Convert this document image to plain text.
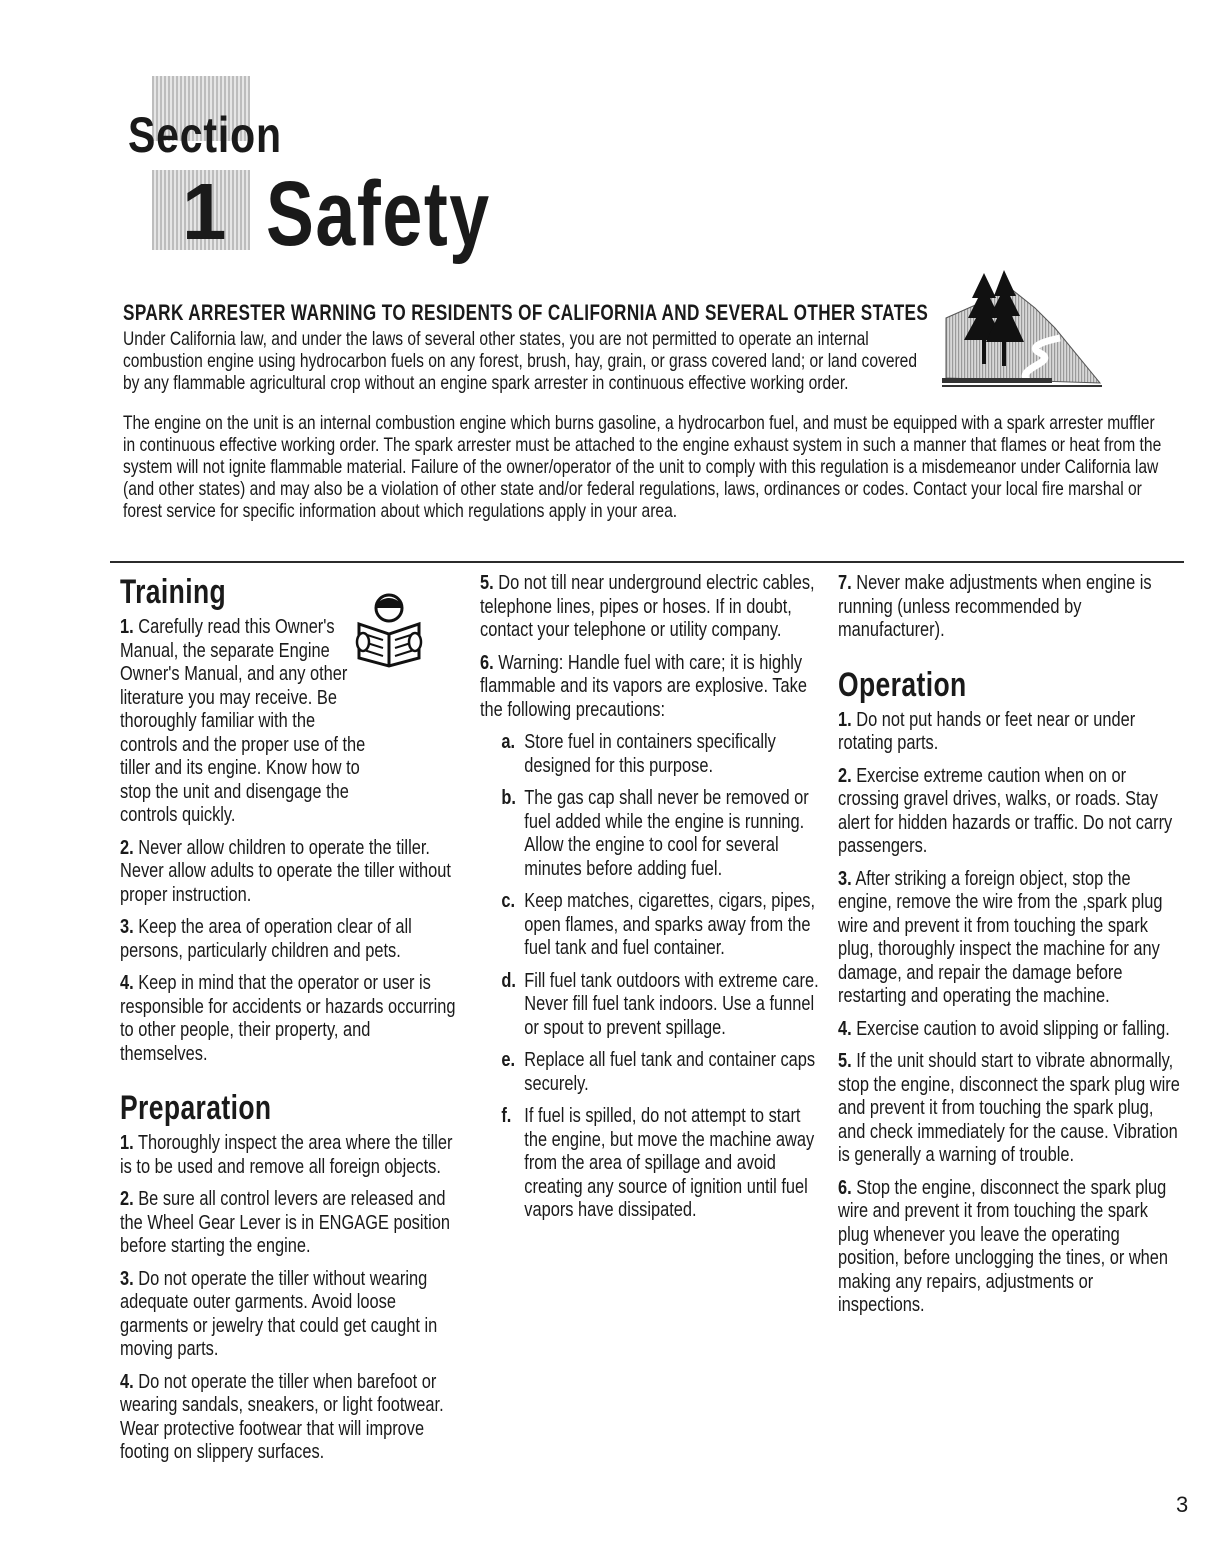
Section
1 Safety
SPARK ARRESTER WARNING TO RESIDENTS OF CALIFORNIA AND SEVERAL OTHER STATES

Under California law, and under the laws of several other states, you are not permitted to operate an internal combustion engine using hydrocarbon fuels on any forest, brush, hay, grain, or grass covered land; or land covered by any flammable agricultural crop without an engine spark arrester in continuous effective working order.

The engine on the unit is an internal combustion engine which burns gasoline, a hydrocarbon fuel, and must be equipped with a spark arrester muffler in continuous effective working order. The spark arrester must be attached to the engine exhaust system in such a manner that flames or heat from the system will not ignite flammable material. Failure of the owner/operator of the unit to comply with this regulation is a misdemeanor under California law (and other states) and may also be a violation of other state and/or federal regulations, laws, ordinances or codes. Contact your local fire marshal or forest service for specific information about which regulations apply in your area.

Training
1. Carefully read this Owner's Manual, the separate Engine Owner's Manual, and any other literature you may receive. Be thoroughly familiar with the controls and the proper use of the tiller and its engine. Know how to stop the unit and disengage the controls quickly.
2. Never allow children to operate the tiller. Never allow adults to operate the tiller without proper instruction.
3. Keep the area of operation clear of all persons, particularly children and pets.
4. Keep in mind that the operator or user is responsible for accidents or hazards occurring to other people, their property, and themselves.
Preparation
1. Thoroughly inspect the area where the tiller is to be used and remove all foreign objects.
2. Be sure all control levers are released and the Wheel Gear Lever is in ENGAGE position before starting the engine.
3. Do not operate the tiller without wearing adequate outer garments. Avoid loose garments or jewelry that could get caught in moving parts.
4. Do not operate the tiller when barefoot or wearing sandals, sneakers, or light footwear. Wear protective footwear that will improve footing on slippery surfaces.
5. Do not till near underground electric cables, telephone lines, pipes or hoses. If in doubt, contact your telephone or utility company.
6. Warning: Handle fuel with care; it is highly flammable and its vapors are explosive. Take the following precautions:
a. Store fuel in containers specifically designed for this purpose.
b. The gas cap shall never be removed or fuel added while the engine is running. Allow the engine to cool for several minutes before adding fuel.
c. Keep matches, cigarettes, cigars, pipes, open flames, and sparks away from the fuel tank and fuel container.
d. Fill fuel tank outdoors with extreme care. Never fill fuel tank indoors. Use a funnel or spout to prevent spillage.
e. Replace all fuel tank and container caps securely.
f. If fuel is spilled, do not attempt to start the engine, but move the machine away from the area of spillage and avoid creating any source of ignition until fuel vapors have dissipated.
7. Never make adjustments when engine is running (unless recommended by manufacturer).
Operation
1. Do not put hands or feet near or under rotating parts.
2. Exercise extreme caution when on or crossing gravel drives, walks, or roads. Stay alert for hidden hazards or traffic. Do not carry passengers.
3. After striking a foreign object, stop the engine, remove the wire from the ,spark plug wire and prevent it from touching the spark plug, thoroughly inspect the machine for any damage, and repair the damage before restarting and operating the machine.
4. Exercise caution to avoid slipping or falling.
5. If the unit should start to vibrate abnormally, stop the engine, disconnect the spark plug wire and prevent it from touching the spark plug, and check immediately for the cause. Vibration is generally a warning of trouble.
6. Stop the engine, disconnect the spark plug wire and prevent it from touching the spark plug whenever you leave the operating position, before unclogging the tines, or when making any repairs, adjustments or inspections.
3
